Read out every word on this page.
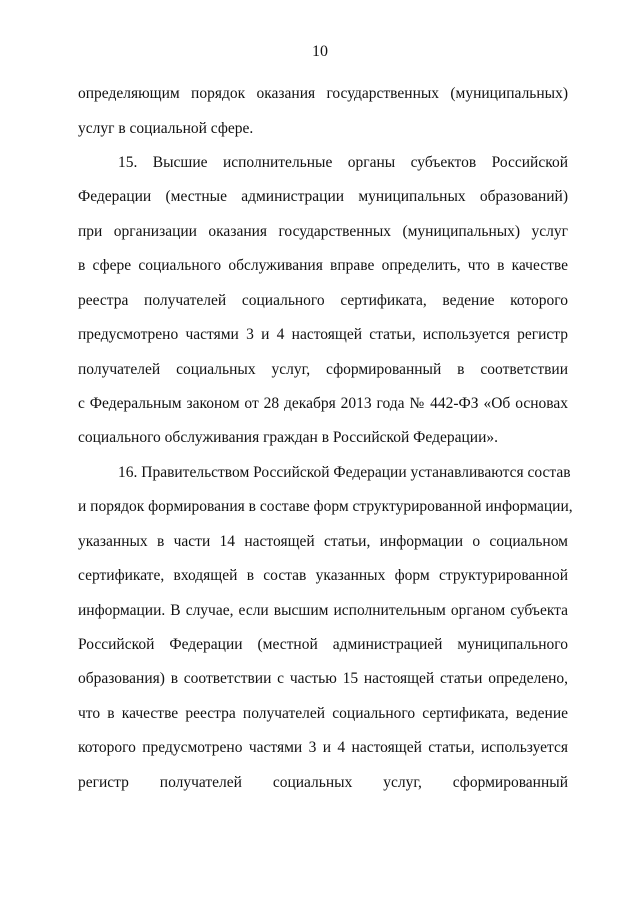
10
определяющим порядок оказания государственных (муниципальных)
услуг в социальной сфере.
15. Высшие исполнительные органы субъектов Российской
Федерации (местные администрации муниципальных образований)
при организации оказания государственных (муниципальных) услуг
в сфере социального обслуживания вправе определить, что в качестве
реестра получателей социального сертификата, ведение которого
предусмотрено частями 3 и 4 настоящей статьи, используется регистр
получателей социальных услуг, сформированный в соответствии
с Федеральным законом от 28 декабря 2013 года № 442-ФЗ «Об основах
социального обслуживания граждан в Российской Федерации».
16. Правительством Российской Федерации устанавливаются состав
и порядок формирования в составе форм структурированной информации,
указанных в части 14 настоящей статьи, информации о социальном
сертификате, входящей в состав указанных форм структурированной
информации. В случае, если высшим исполнительным органом субъекта
Российской Федерации (местной администрацией муниципального
образования) в соответствии с частью 15 настоящей статьи определено,
что в качестве реестра получателей социального сертификата, ведение
которого предусмотрено частями 3 и 4 настоящей статьи, используется
регистр получателей социальных услуг, сформированный
